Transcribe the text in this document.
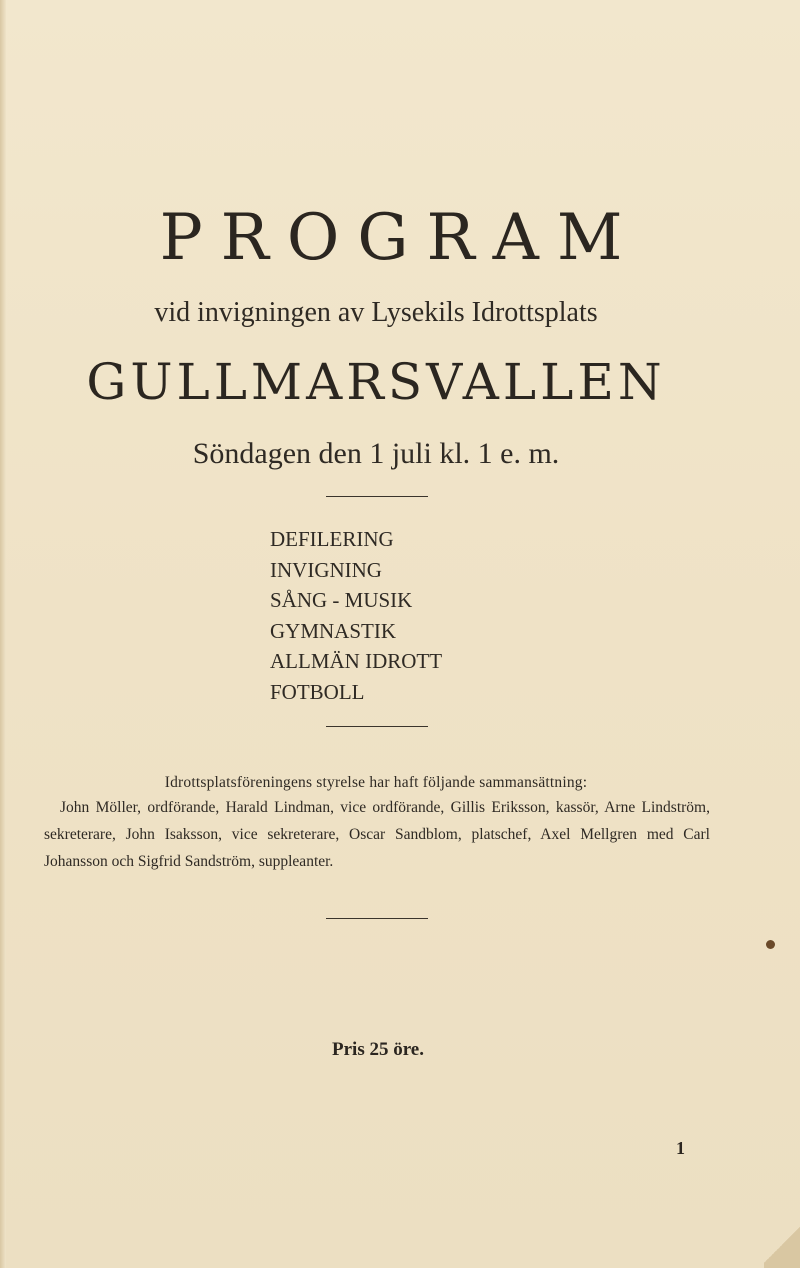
PROGRAM
vid invigningen av Lysekils Idrottsplats
GULLMARSVALLEN
Söndagen den 1 juli kl. 1 e. m.
DEFILERING
INVIGNING
SÅNG - MUSIK
GYMNASTIK
ALLMÄN IDROTT
FOTBOLL
Idrottsplatsföreningens styrelse har haft följande sammansättning:

John Möller, ordförande, Harald Lindman, vice ordförande, Gillis Eriksson, kassör, Arne Lindström, sekreterare, John Isaksson, vice sekreterare, Oscar Sandblom, platschef, Axel Mellgren med Carl Johansson och Sigfrid Sandström, suppleanter.

Pris 25 öre.
1
